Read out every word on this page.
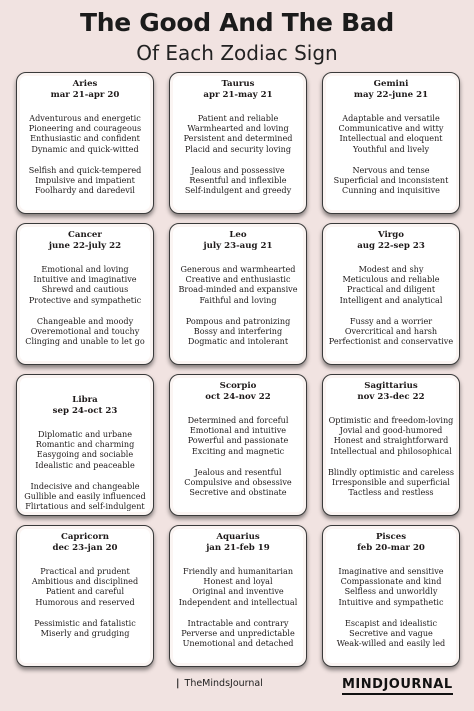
The Good And The Bad
Of Each Zodiac Sign
Aries
mar 21-apr 20
Adventurous and energetic
Pioneering and courageous
Enthusiastic and confident
Dynamic and quick-witted
Selfish and quick-tempered
Impulsive and impatient
Foolhardy and daredevil
Taurus
apr 21-may 21
Patient and reliable
Warmhearted and loving
Persistent and determined
Placid and security loving
Jealous and possessive
Resentful and inflexible
Self-indulgent and greedy
Gemini
may 22-june 21
Adaptable and versatile
Communicative and witty
Intellectual and eloquent
Youthful and lively
Nervous and tense
Superficial and inconsistent
Cunning and inquisitive
Cancer
june 22-july 22
Emotional and loving
Intuitive and imaginative
Shrewd and cautious
Protective and sympathetic
Changeable and moody
Overemotional and touchy
Clinging and unable to let go
Leo
july 23-aug 21
Generous and warmhearted
Creative and enthusiastic
Broad-minded and expansive
Faithful and loving
Pompous and patronizing
Bossy and interfering
Dogmatic and intolerant
Virgo
aug 22-sep 23
Modest and shy
Meticulous and reliable
Practical and diligent
Intelligent and analytical
Fussy and a worrier
Overcritical and harsh
Perfectionist and conservative
Libra
sep 24-oct 23
Diplomatic and urbane
Romantic and charming
Easygoing and sociable
Idealistic and peaceable
Indecisive and changeable
Gullible and easily influenced
Flirtatious and self-indulgent
Scorpio
oct 24-nov 22
Determined and forceful
Emotional and intuitive
Powerful and passionate
Exciting and magnetic
Jealous and resentful
Compulsive and obsessive
Secretive and obstinate
Sagittarius
nov 23-dec 22
Optimistic and freedom-loving
Jovial and good-humored
Honest and straightforward
Intellectual and philosophical
Blindly optimistic and careless
Irresponsible and superficial
Tactless and restless
Capricorn
dec 23-jan 20
Practical and prudent
Ambitious and disciplined
Patient and careful
Humorous and reserved
Pessimistic and fatalistic
Miserly and grudging
Aquarius
jan 21-feb 19
Friendly and humanitarian
Honest and loyal
Original and inventive
Independent and intellectual
Intractable and contrary
Perverse and unpredictable
Unemotional and detached
Pisces
feb 20-mar 20
Imaginative and sensitive
Compassionate and kind
Selfless and unworldly
Intuitive and sympathetic
Escapist and idealistic
Secretive and vague
Weak-willed and easily led
| TheMindsJournal	MINDJOURNAL
